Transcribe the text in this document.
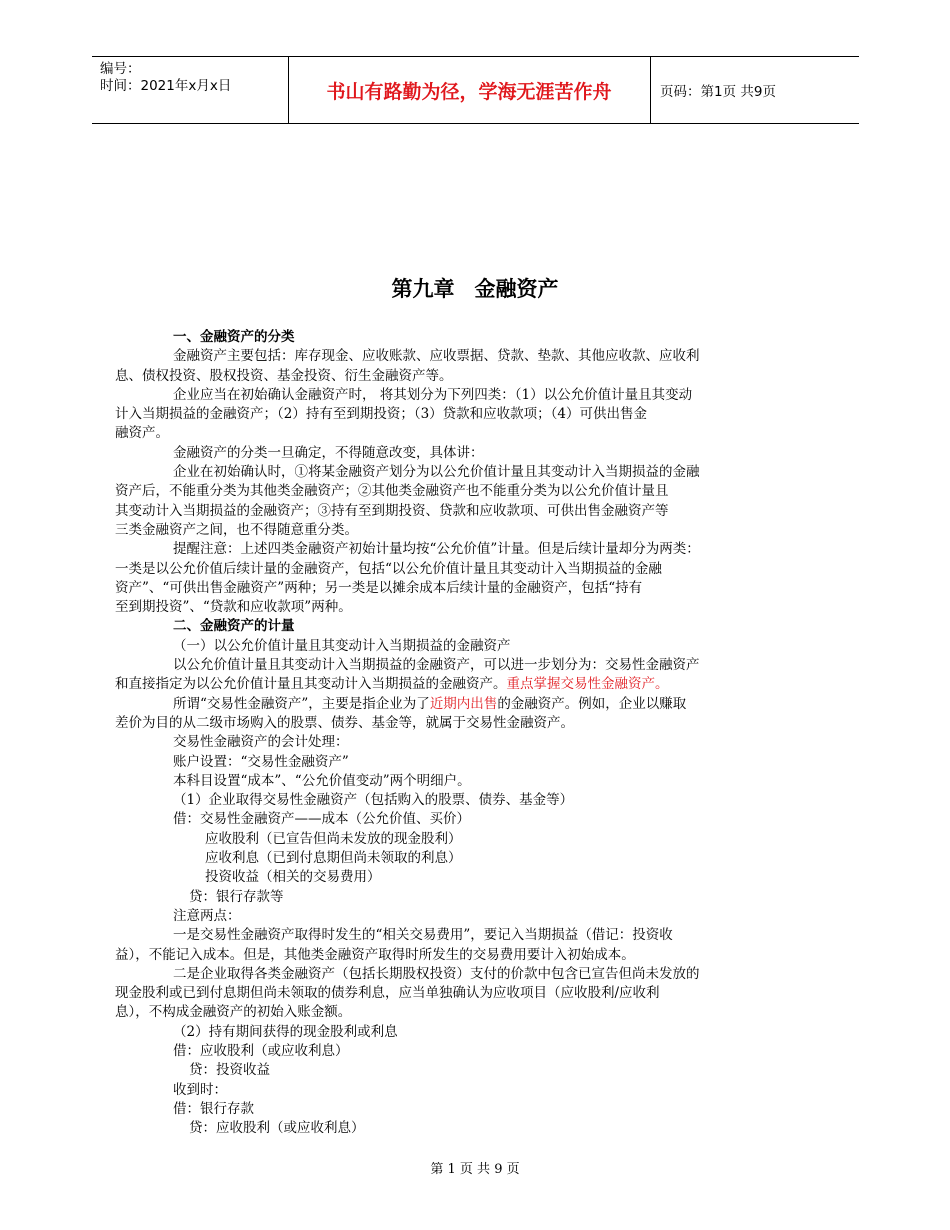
编号：
时间：2021年x月x日	书山有路勤为径，学海无涯苦作舟	页码：第1页 共9页
第九章 金融资产

一、金融资产的分类

金融资产主要包括：库存现金、应收账款、应收票据、贷款、垫款、其他应收款、应收利

息、债权投资、股权投资、基金投资、衍生金融资产等。

企业应当在初始确认金融资产时， 将其划分为下列四类：（1）以公允价值计量且其变动

计入当期损益的金融资产；（2）持有至到期投资；（3）贷款和应收款项；（4）可供出售金

融资产。

金融资产的分类一旦确定，不得随意改变，具体讲：

企业在初始确认时，①将某金融资产划分为以公允价值计量且其变动计入当期损益的金融

资产后，不能重分类为其他类金融资产；②其他类金融资产也不能重分类为以公允价值计量且

其变动计入当期损益的金融资产；③持有至到期投资、贷款和应收款项、可供出售金融资产等

三类金融资产之间，也不得随意重分类。

提醒注意：上述四类金融资产初始计量均按“公允价值”计量。但是后续计量却分为两类：

一类是以公允价值后续计量的金融资产，包括“以公允价值计量且其变动计入当期损益的金融

资产”、“可供出售金融资产”两种；另一类是以摊余成本后续计量的金融资产，包括“持有

至到期投资”、“贷款和应收款项”两种。

二、金融资产的计量

（一）以公允价值计量且其变动计入当期损益的金融资产

以公允价值计量且其变动计入当期损益的金融资产，可以进一步划分为：交易性金融资产

和直接指定为以公允价值计量且其变动计入当期损益的金融资产。重点掌握交易性金融资产。

所谓“交易性金融资产”，主要是指企业为了近期内出售的金融资产。例如，企业以赚取

差价为目的从二级市场购入的股票、债券、基金等，就属于交易性金融资产。

交易性金融资产的会计处理：

账户设置：“交易性金融资产”

本科目设置“成本”、“公允价值变动”两个明细户。

（1）企业取得交易性金融资产（包括购入的股票、债券、基金等）

借：交易性金融资产——成本（公允价值、买价）

应收股利（已宣告但尚未发放的现金股利）

应收利息（已到付息期但尚未领取的利息）

投资收益（相关的交易费用）

贷：银行存款等

注意两点：

一是交易性金融资产取得时发生的“相关交易费用”，要记入当期损益（借记：投资收

益），不能记入成本。但是，其他类金融资产取得时所发生的交易费用要计入初始成本。

二是企业取得各类金融资产（包括长期股权投资）支付的价款中包含已宣告但尚未发放的

现金股利或已到付息期但尚未领取的债券利息，应当单独确认为应收项目（应收股利/应收利

息），不构成金融资产的初始入账金额。

（2）持有期间获得的现金股利或利息

借：应收股利（或应收利息）

贷：投资收益

收到时：

借：银行存款

贷：应收股利（或应收利息）

第 1 页 共 9 页
